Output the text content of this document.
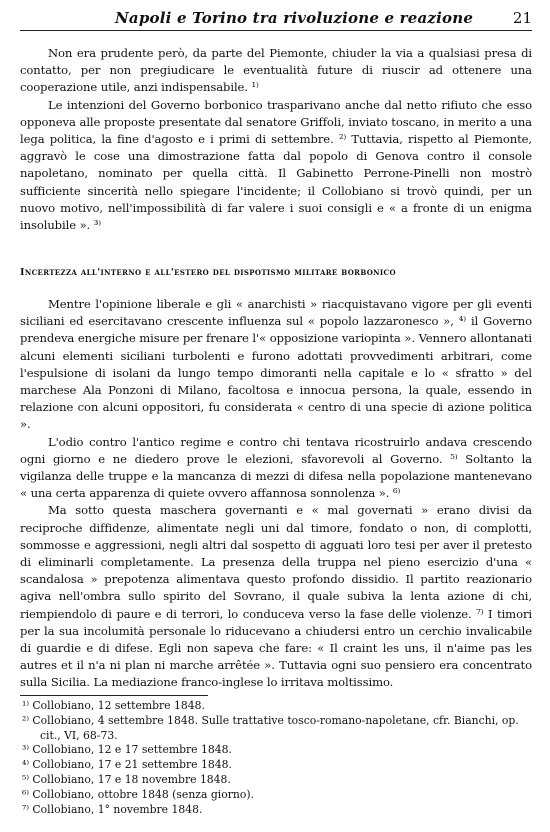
Napoli e Torino tra rivoluzione e reazione	21

Non era prudente però, da parte del Piemonte, chiuder la via a qualsiasi presa di contatto, per non pregiudicare le eventualità future di riuscir ad ottenere una cooperazione utile, anzi indispensabile. ¹⁾

Le intenzioni del Governo borbonico trasparivano anche dal netto rifiuto che esso opponeva alle proposte presentate dal senatore Griffoli, inviato toscano, in merito a una lega politica, la fine d'agosto e i primi di settembre. ²⁾ Tuttavia, rispetto al Piemonte, aggravò le cose una dimostrazione fatta dal popolo di Genova contro il console napoletano, nominato per quella città. Il Gabinetto Perrone-Pinelli non mostrò sufficiente sincerità nello spiegare l'incidente; il Collobiano si trovò quindi, per un nuovo motivo, nell'impossibilità di far valere i suoi consigli e « a fronte di un enigma insolubile ». ³⁾

Incertezza all'interno e all'estero del dispotismo militare borbonico

Mentre l'opinione liberale e gli « anarchisti » riacquistavano vigore per gli eventi siciliani ed esercitavano crescente influenza sul « popolo lazzaronesco », ⁴⁾ il Governo prendeva energiche misure per frenare l'« opposizione variopinta ». Vennero allontanati alcuni elementi siciliani turbolenti e furono adottati provvedimenti arbitrari, come l'espulsione di isolani da lungo tempo dimoranti nella capitale e lo « sfratto » del marchese Ala Ponzoni di Milano, facoltosa e innocua persona, la quale, essendo in relazione con alcuni oppositori, fu considerata « centro di una specie di azione politica ».

L'odio contro l'antico regime e contro chi tentava ricostruirlo andava crescendo ogni giorno e ne diedero prove le elezioni, sfavorevoli al Governo. ⁵⁾ Soltanto la vigilanza delle truppe e la mancanza di mezzi di difesa nella popolazione mantenevano « una certa apparenza di quiete ovvero affannosa sonnolenza ». ⁶⁾

Ma sotto questa maschera governanti e « mal governati » erano divisi da reciproche diffidenze, alimentate negli uni dal timore, fondato o non, di complotti, sommosse e aggressioni, negli altri dal sospetto di agguati loro tesi per aver il pretesto di eliminarli completamente. La presenza della truppa nel pieno esercizio d'una « scandalosa » prepotenza alimentava questo profondo dissidio. Il partito reazionario agiva nell'ombra sullo spirito del Sovrano, il quale subiva la lenta azione di chi, riempiendolo di paure e di terrori, lo conduceva verso la fase delle violenze. ⁷⁾ I timori per la sua incolumità personale lo riducevano a chiudersi entro un cerchio invalicabile di guardie e di difese. Egli non sapeva che fare: « Il craint les uns, il n'aime pas les autres et il n'a ni plan ni marche arrêtée ». Tuttavia ogni suo pensiero era concentrato sulla Sicilia. La mediazione franco-inglese lo irritava moltissimo.

¹⁾ Collobiano, 12 settembre 1848.

²⁾ Collobiano, 4 settembre 1848. Sulle trattative tosco-romano-napoletane, cfr. Bianchi, op. cit., VI, 68-73.

³⁾ Collobiano, 12 e 17 settembre 1848.

⁴⁾ Collobiano, 17 e 21 settembre 1848.

⁵⁾ Collobiano, 17 e 18 novembre 1848.

⁶⁾ Collobiano, ottobre 1848 (senza giorno).

⁷⁾ Collobiano, 1° novembre 1848.
